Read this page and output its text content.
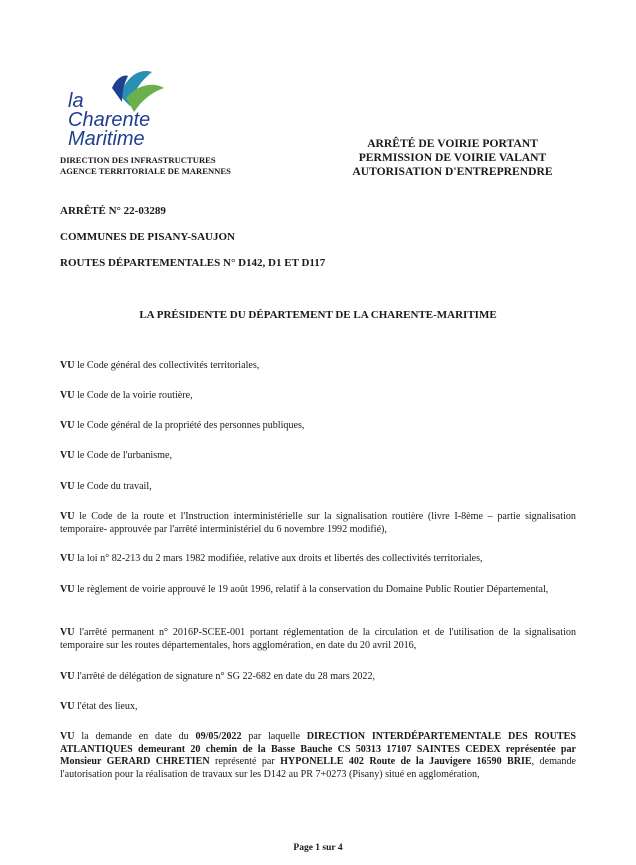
la
Charente
Maritime
DIRECTION DES INFRASTRUCTURES
AGENCE TERRITORIALE DE MARENNES
ARRÊTÉ DE VOIRIE PORTANT
PERMISSION DE VOIRIE VALANT
AUTORISATION D'ENTREPRENDRE
ARRÊTÉ N° 22-03289
COMMUNES DE PISANY-SAUJON
ROUTES DÉPARTEMENTALES N° D142, D1 ET D117
LA PRÉSIDENTE DU DÉPARTEMENT DE LA CHARENTE-MARITIME
VU le Code général des collectivités territoriales,
VU le Code de la voirie routière,
VU le Code général de la propriété des personnes publiques,
VU le Code de l'urbanisme,
VU le Code du travail,
VU le Code de la route et l'Instruction interministérielle sur la signalisation routière (livre I-8ème – partie signalisation temporaire- approuvée par l'arrêté interministériel du 6 novembre 1992 modifié),
VU la loi n° 82-213 du 2 mars 1982 modifiée, relative aux droits et libertés des collectivités territoriales,
VU le règlement de voirie approuvé le 19 août 1996, relatif à la conservation du Domaine Public Routier Départemental,
VU l'arrêté permanent n° 2016P-SCEE-001 portant réglementation de la circulation et de l'utilisation de la signalisation temporaire sur les routes départementales, hors agglomération, en date du 20 avril 2016,
VU l'arrêté de délégation de signature n° SG 22-682 en date du 28 mars 2022,
VU l'état des lieux,
VU la demande en date du 09/05/2022 par laquelle DIRECTION INTERDÉPARTEMENTALE DES ROUTES ATLANTIQUES demeurant 20 chemin de la Basse Bauche CS 50313 17107 SAINTES CEDEX représentée par Monsieur GERARD CHRETIEN représenté par HYPONELLE 402 Route de la Jauvigere 16590 BRIE, demande l'autorisation pour la réalisation de travaux sur les D142 au PR 7+0273 (Pisany) situé en agglomération,
Page 1 sur 4
